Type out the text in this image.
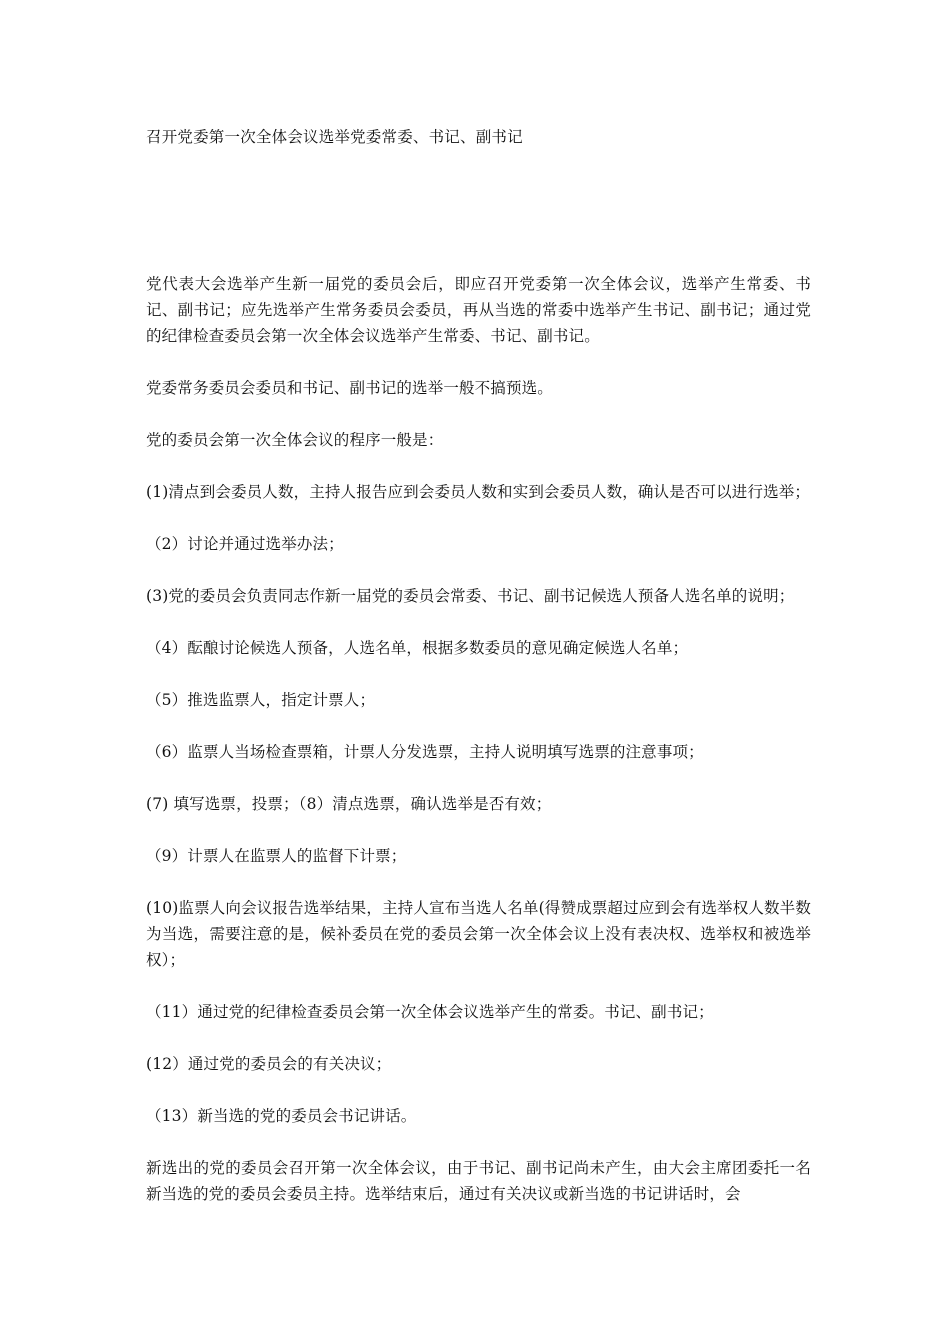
召开党委第一次全体会议选举党委常委、书记、副书记

党代表大会选举产生新一届党的委员会后，即应召开党委第一次全体会议，选举产生常委、书记、副书记；应先选举产生常务委员会委员，再从当选的常委中选举产生书记、副书记；通过党的纪律检查委员会第一次全体会议选举产生常委、书记、副书记。

党委常务委员会委员和书记、副书记的选举一般不搞预选。

党的委员会第一次全体会议的程序一般是：

(1)清点到会委员人数，主持人报告应到会委员人数和实到会委员人数，确认是否可以进行选举；

（2）讨论并通过选举办法；

(3)党的委员会负责同志作新一届党的委员会常委、书记、副书记候选人预备人选名单的说明；

（4）酝酿讨论候选人预备，人选名单，根据多数委员的意见确定候选人名单；

（5）推选监票人，指定计票人；

（6）监票人当场检查票箱，计票人分发选票，主持人说明填写选票的注意事项；

(7) 填写选票，投票；（8）清点选票，确认选举是否有效；

（9）计票人在监票人的监督下计票；

(10)监票人向会议报告选举结果，主持人宣布当选人名单(得赞成票超过应到会有选举权人数半数为当选，需要注意的是，候补委员在党的委员会第一次全体会议上没有表决权、选举权和被选举权）；

（11）通过党的纪律检查委员会第一次全体会议选举产生的常委。书记、副书记；

(12）通过党的委员会的有关决议；

（13）新当选的党的委员会书记讲话。

新选出的党的委员会召开第一次全体会议，由于书记、副书记尚未产生，由大会主席团委托一名新当选的党的委员会委员主持。选举结束后，通过有关决议或新当选的书记讲话时，会
